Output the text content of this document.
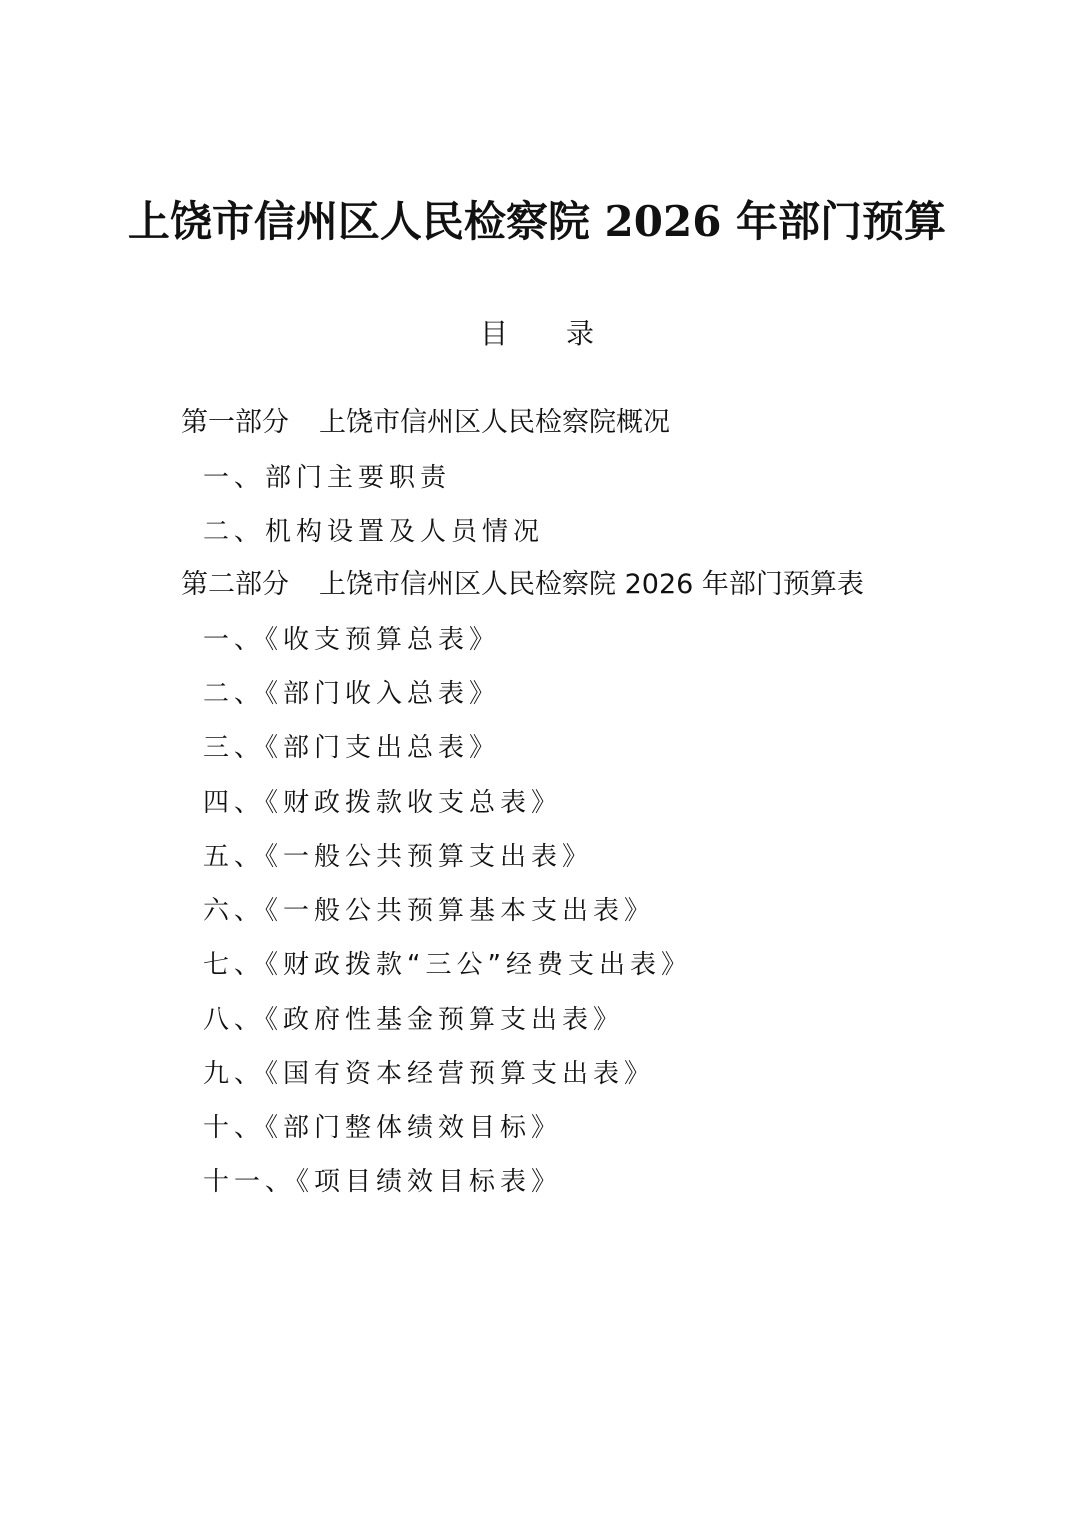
上饶市信州区人民检察院 2026 年部门预算
目 录
第一部分 上饶市信州区人民检察院概况
一、部门主要职责
二、机构设置及人员情况
第二部分 上饶市信州区人民检察院 2026 年部门预算表
一、《收支预算总表》
二、《部门收入总表》
三、《部门支出总表》
四、《财政拨款收支总表》
五、《一般公共预算支出表》
六、《一般公共预算基本支出表》
七、《财政拨款“三公”经费支出表》
八、《政府性基金预算支出表》
九、《国有资本经营预算支出表》
十、《部门整体绩效目标》
十一、《项目绩效目标表》
